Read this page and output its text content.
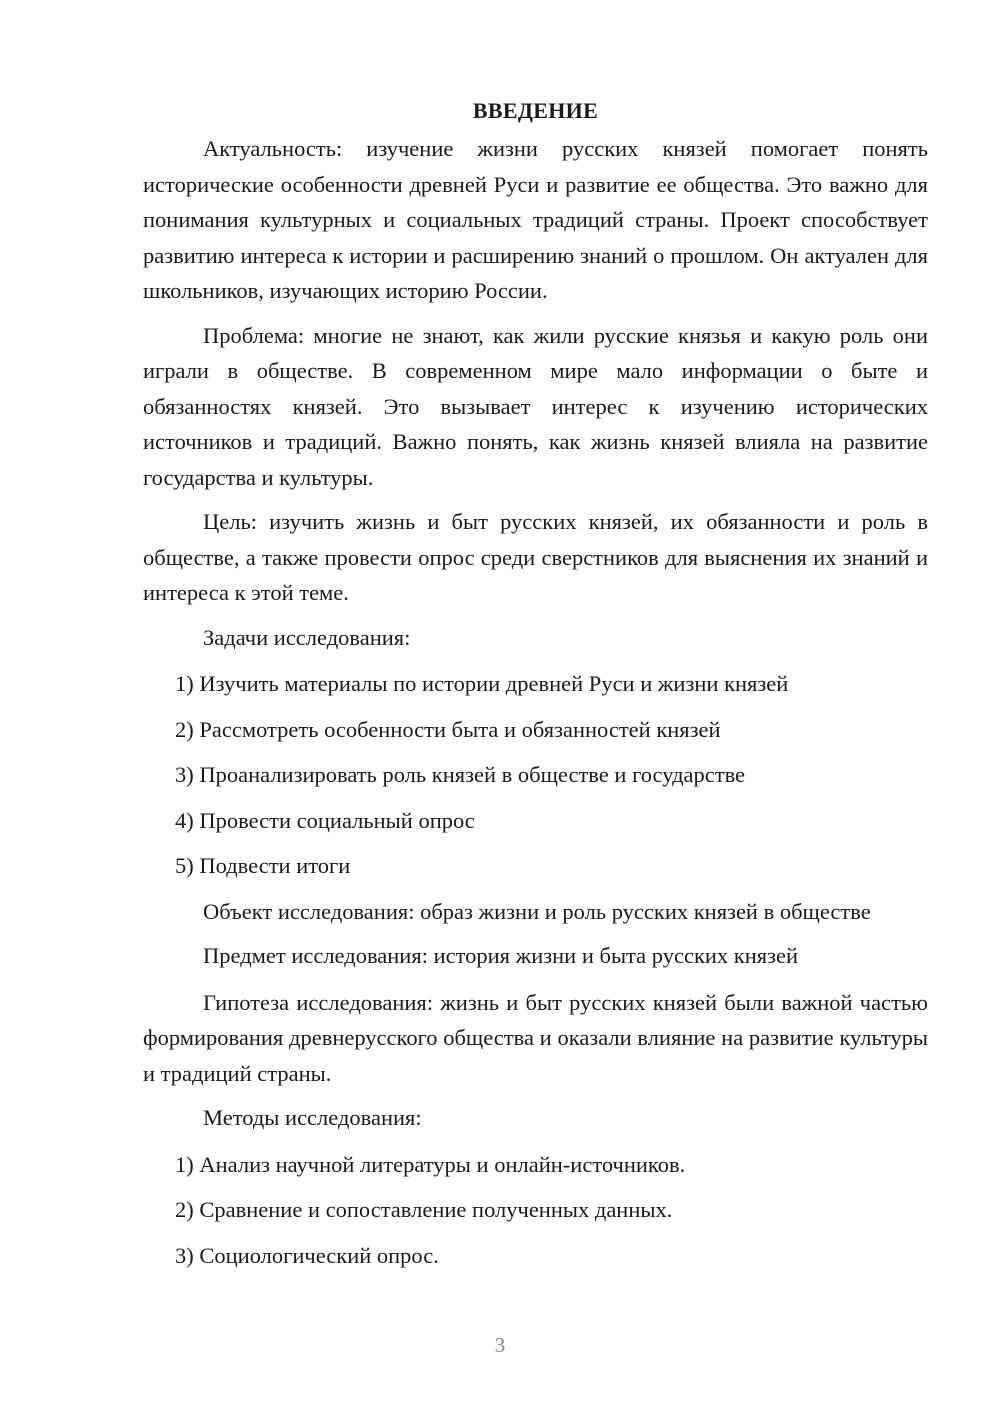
ВВЕДЕНИЕ

Актуальность: изучение жизни русских князей помогает понять исторические особенности древней Руси и развитие ее общества. Это важно для понимания культурных и социальных традиций страны. Проект способствует развитию интереса к истории и расширению знаний о прошлом. Он актуален для школьников, изучающих историю России.

Проблема: многие не знают, как жили русские князья и какую роль они играли в обществе. В современном мире мало информации о быте и обязанностях князей. Это вызывает интерес к изучению исторических источников и традиций. Важно понять, как жизнь князей влияла на развитие государства и культуры.

Цель: изучить жизнь и быт русских князей, их обязанности и роль в обществе, а также провести опрос среди сверстников для выяснения их знаний и интереса к этой теме.

Задачи исследования:

1) Изучить материалы по истории древней Руси и жизни князей
2) Рассмотреть особенности быта и обязанностей князей
3) Проанализировать роль князей в обществе и государстве
4) Провести социальный опрос
5) Подвести итоги

Объект исследования: образ жизни и роль русских князей в обществе

Предмет исследования: история жизни и быта русских князей

Гипотеза исследования: жизнь и быт русских князей были важной частью формирования древнерусского общества и оказали влияние на развитие культуры и традиций страны.

Методы исследования:

1) Анализ научной литературы и онлайн-источников.
2) Сравнение и сопоставление полученных данных.
3) Социологический опрос.
3
